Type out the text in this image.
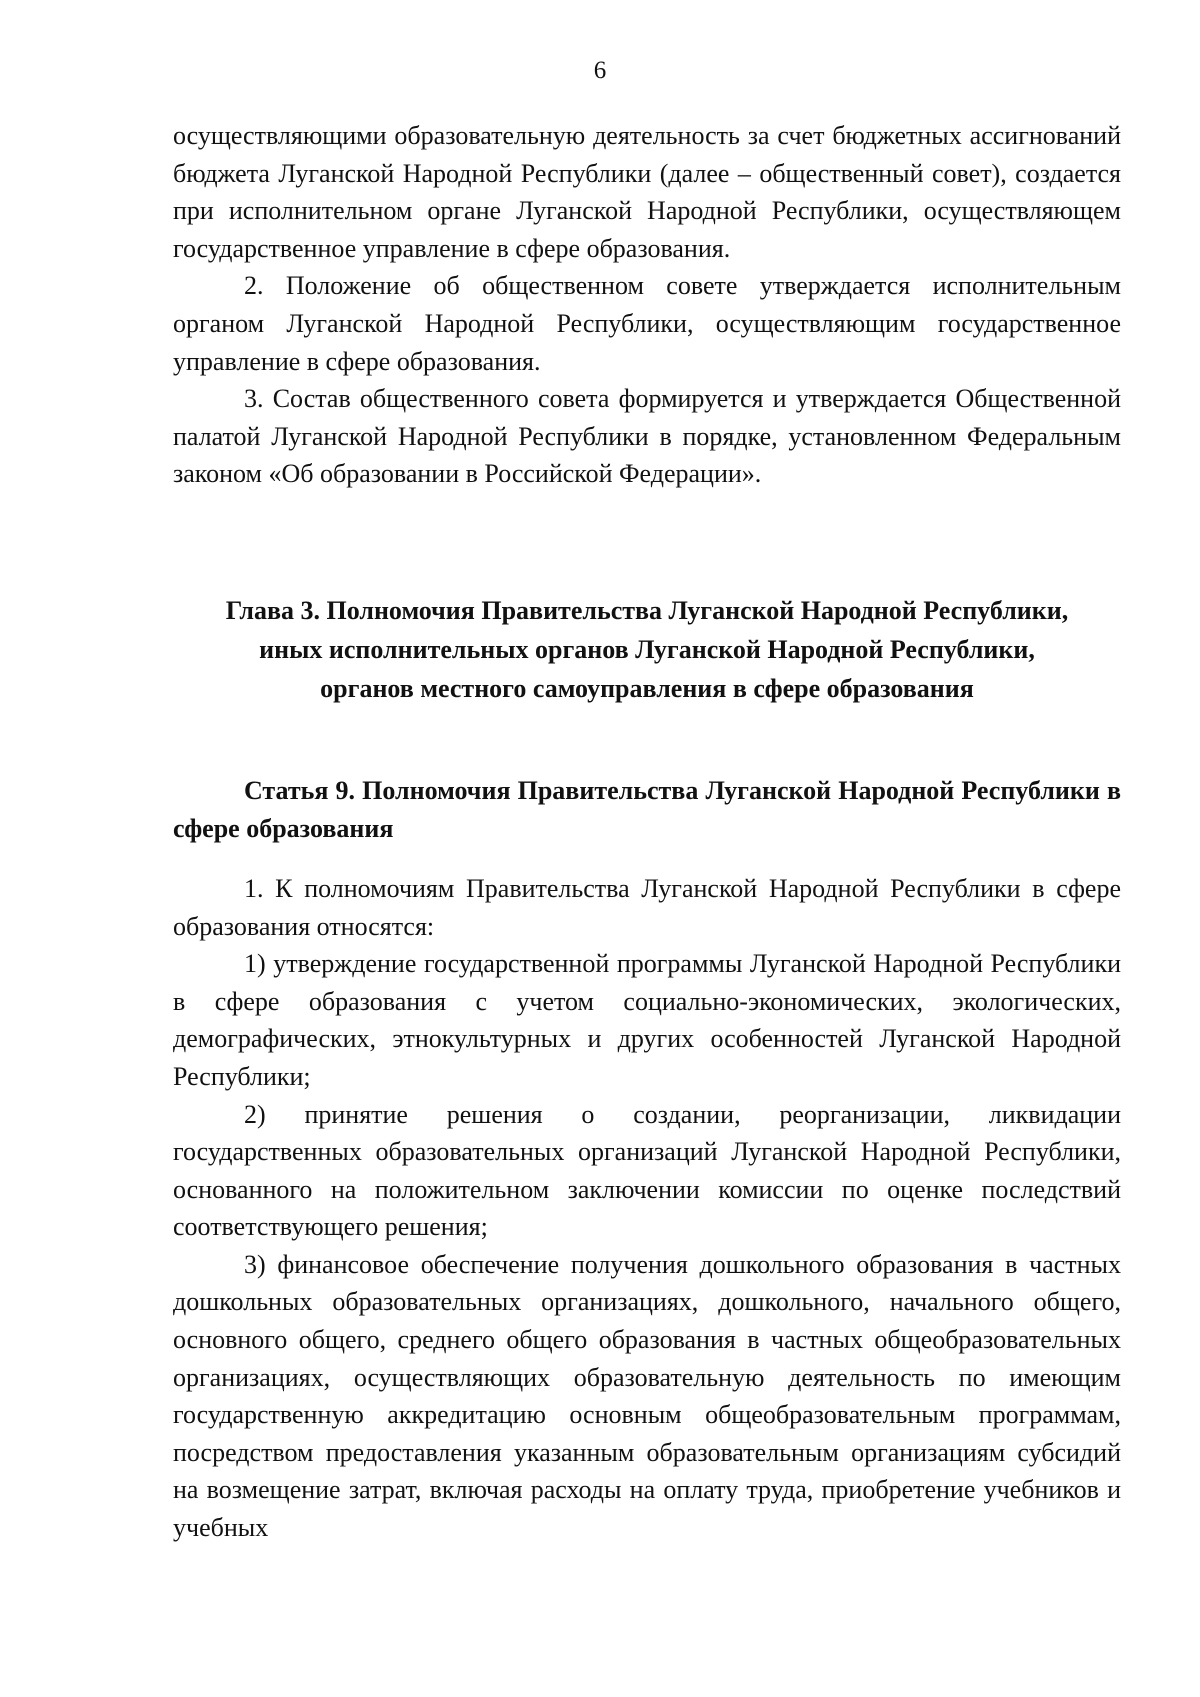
6

осуществляющими образовательную деятельность за счет бюджетных ассигнований бюджета Луганской Народной Республики (далее – общественный совет), создается при исполнительном органе Луганской Народной Республики, осуществляющем государственное управление в сфере образования.

2. Положение об общественном совете утверждается исполнительным органом Луганской Народной Республики, осуществляющим государственное управление в сфере образования.

3. Состав общественного совета формируется и утверждается Общественной палатой Луганской Народной Республики в порядке, установленном Федеральным законом «Об образовании в Российской Федерации».

Глава 3. Полномочия Правительства Луганской Народной Республики,
иных исполнительных органов Луганской Народной Республики,
органов местного самоуправления в сфере образования
Статья 9. Полномочия Правительства Луганской Народной Республики в сфере образования

1. К полномочиям Правительства Луганской Народной Республики в сфере образования относятся:

1) утверждение государственной программы Луганской Народной Республики в сфере образования с учетом социально-экономических, экологических, демографических, этнокультурных и других особенностей Луганской Народной Республики;

2) принятие решения о создании, реорганизации, ликвидации государственных образовательных организаций Луганской Народной Республики, основанного на положительном заключении комиссии по оценке последствий соответствующего решения;

3) финансовое обеспечение получения дошкольного образования в частных дошкольных образовательных организациях, дошкольного, начального общего, основного общего, среднего общего образования в частных общеобразовательных организациях, осуществляющих образовательную деятельность по имеющим государственную аккредитацию основным общеобразовательным программам, посредством предоставления указанным образовательным организациям субсидий на возмещение затрат, включая расходы на оплату труда, приобретение учебников и учебных
